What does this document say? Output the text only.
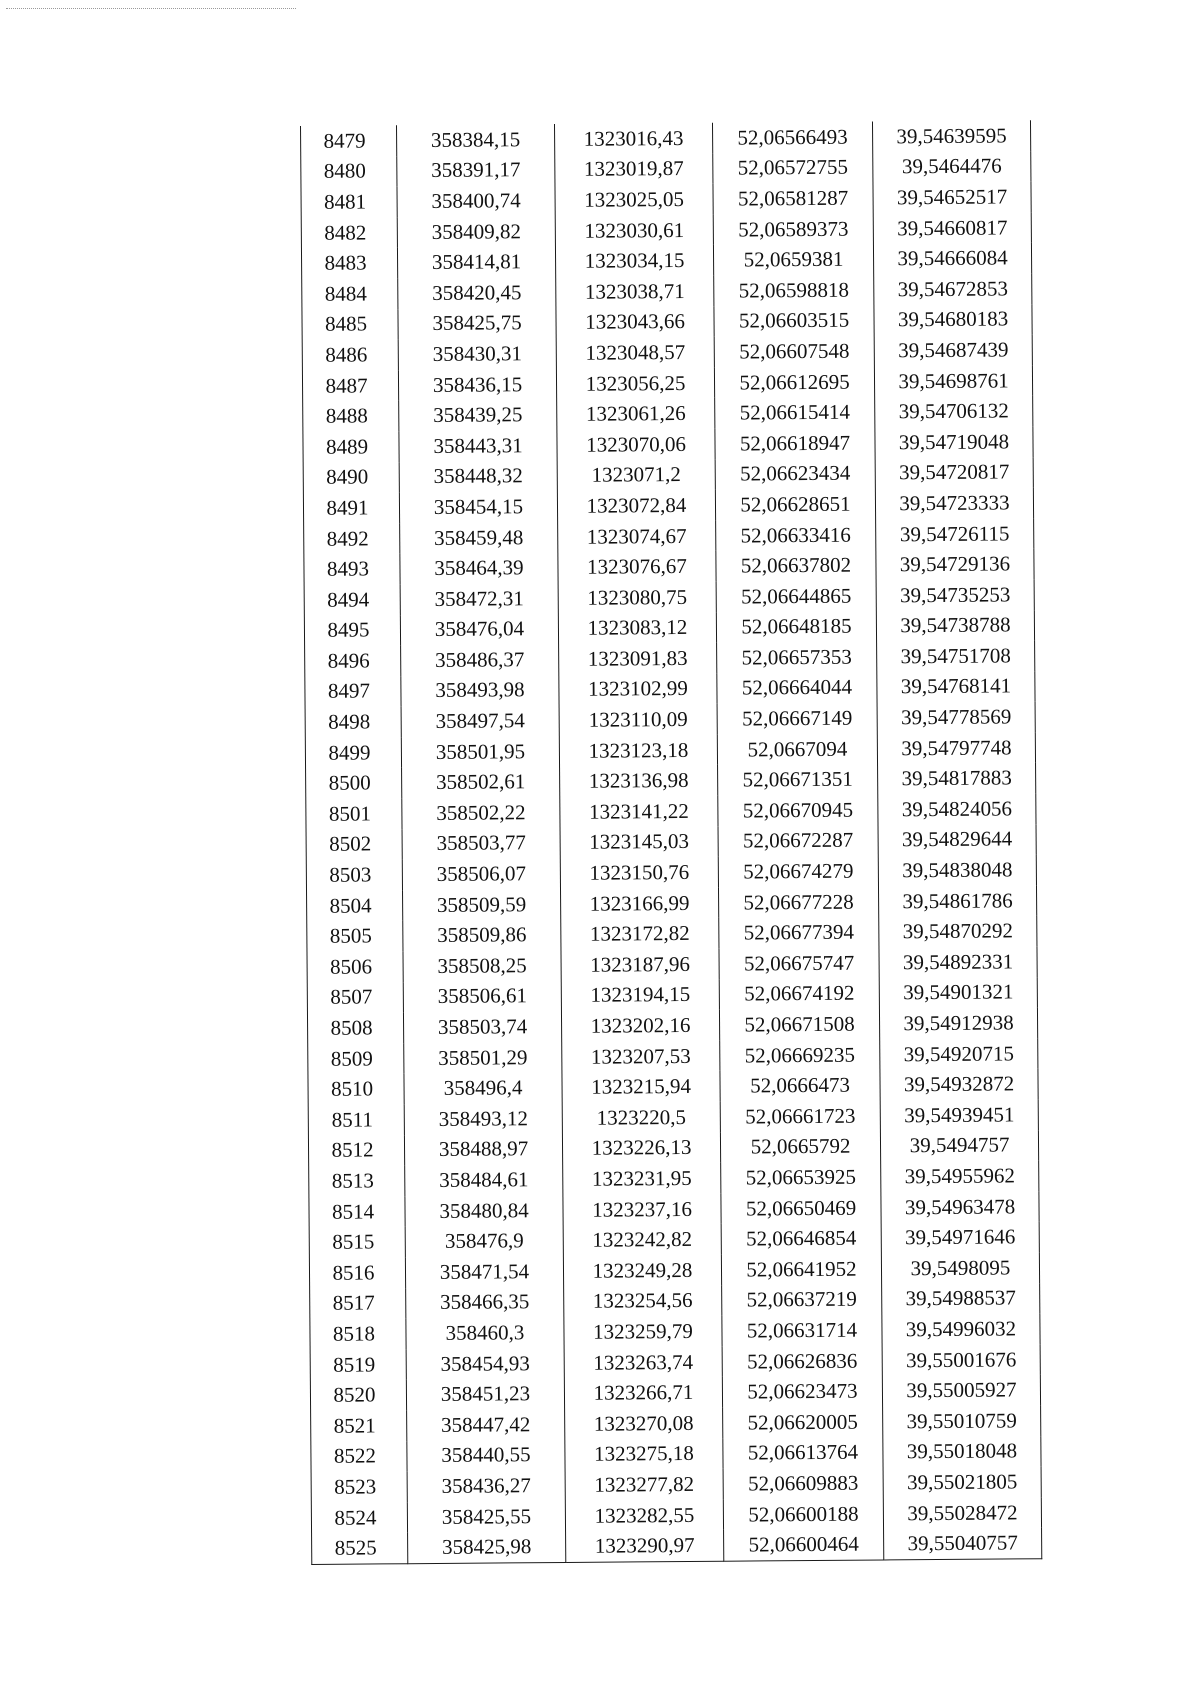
8479	358384,15	1323016,43	52,06566493	39,54639595
8480	358391,17	1323019,87	52,06572755	39,5464476
8481	358400,74	1323025,05	52,06581287	39,54652517
8482	358409,82	1323030,61	52,06589373	39,54660817
8483	358414,81	1323034,15	52,0659381	39,54666084
8484	358420,45	1323038,71	52,06598818	39,54672853
8485	358425,75	1323043,66	52,06603515	39,54680183
8486	358430,31	1323048,57	52,06607548	39,54687439
8487	358436,15	1323056,25	52,06612695	39,54698761
8488	358439,25	1323061,26	52,06615414	39,54706132
8489	358443,31	1323070,06	52,06618947	39,54719048
8490	358448,32	1323071,2	52,06623434	39,54720817
8491	358454,15	1323072,84	52,06628651	39,54723333
8492	358459,48	1323074,67	52,06633416	39,54726115
8493	358464,39	1323076,67	52,06637802	39,54729136
8494	358472,31	1323080,75	52,06644865	39,54735253
8495	358476,04	1323083,12	52,06648185	39,54738788
8496	358486,37	1323091,83	52,06657353	39,54751708
8497	358493,98	1323102,99	52,06664044	39,54768141
8498	358497,54	1323110,09	52,06667149	39,54778569
8499	358501,95	1323123,18	52,0667094	39,54797748
8500	358502,61	1323136,98	52,06671351	39,54817883
8501	358502,22	1323141,22	52,06670945	39,54824056
8502	358503,77	1323145,03	52,06672287	39,54829644
8503	358506,07	1323150,76	52,06674279	39,54838048
8504	358509,59	1323166,99	52,06677228	39,54861786
8505	358509,86	1323172,82	52,06677394	39,54870292
8506	358508,25	1323187,96	52,06675747	39,54892331
8507	358506,61	1323194,15	52,06674192	39,54901321
8508	358503,74	1323202,16	52,06671508	39,54912938
8509	358501,29	1323207,53	52,06669235	39,54920715
8510	358496,4	1323215,94	52,0666473	39,54932872
8511	358493,12	1323220,5	52,06661723	39,54939451
8512	358488,97	1323226,13	52,0665792	39,5494757
8513	358484,61	1323231,95	52,06653925	39,54955962
8514	358480,84	1323237,16	52,06650469	39,54963478
8515	358476,9	1323242,82	52,06646854	39,54971646
8516	358471,54	1323249,28	52,06641952	39,5498095
8517	358466,35	1323254,56	52,06637219	39,54988537
8518	358460,3	1323259,79	52,06631714	39,54996032
8519	358454,93	1323263,74	52,06626836	39,55001676
8520	358451,23	1323266,71	52,06623473	39,55005927
8521	358447,42	1323270,08	52,06620005	39,55010759
8522	358440,55	1323275,18	52,06613764	39,55018048
8523	358436,27	1323277,82	52,06609883	39,55021805
8524	358425,55	1323282,55	52,06600188	39,55028472
8525	358425,98	1323290,97	52,06600464	39,55040757
